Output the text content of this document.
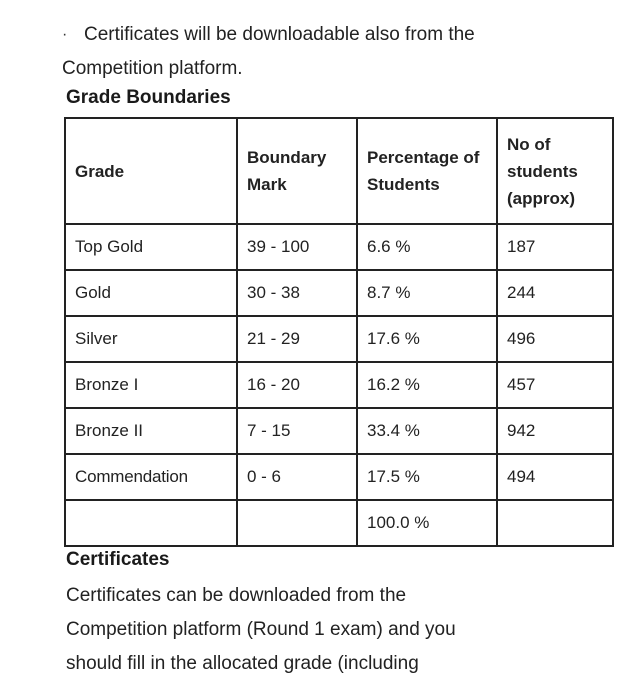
· Certificates will be downloadable also from the
Competition platform.
Grade Boundaries
Grade	Boundary Mark	Percentage of Students	No of students (approx)
Top Gold	39 - 100	6.6 %	187
Gold	30 - 38	8.7 %	244
Silver	21 - 29	17.6 %	496
Bronze I	16 - 20	16.2 %	457
Bronze II	7 - 15	33.4 %	942
Commendation	0 - 6	17.5 %	494
		100.0 %	
Certificates
Certificates can be downloaded from the
Competition platform (Round 1 exam) and you
should fill in the allocated grade (including
